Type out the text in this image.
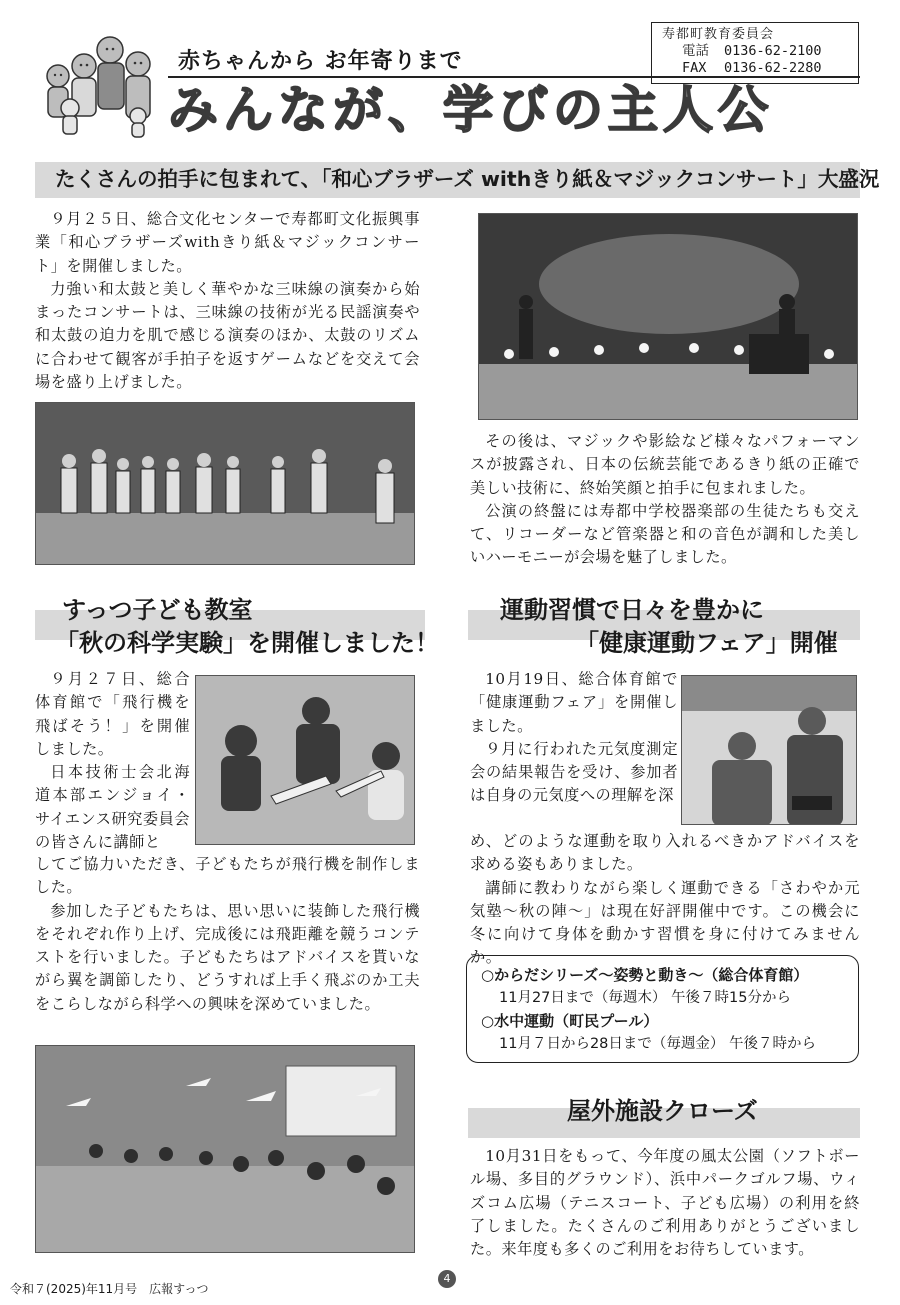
赤ちゃんから お年寄りまで
みんなが、学びの主人公
寿都町教育委員会
電話	0136-62-2100
FAX	0136-62-2280
たくさんの拍手に包まれて、「和心ブラザーズ withきり紙＆マジックコンサート」大盛況

９月２５日、総合文化センターで寿都町文化振興事業「和心ブラザーズwithきり紙＆マジックコンサート」を開催しました。

力強い和太鼓と美しく華やかな三味線の演奏から始まったコンサートは、三味線の技術が光る民謡演奏や和太鼓の迫力を肌で感じる演奏のほか、太鼓のリズムに合わせて観客が手拍子を返すゲームなどを交えて会場を盛り上げました。

その後は、マジックや影絵など様々なパフォーマンスが披露され、日本の伝統芸能であるきり紙の正確で美しい技術に、終始笑顔と拍手に包まれました。

公演の終盤には寿都中学校器楽部の生徒たちも交えて、リコーダーなど管楽器と和の音色が調和した美しいハーモニーが会場を魅了しました。

すっつ子ども教室
「秋の科学実験」を開催しました！

９月２７日、総合体育館で「飛行機を飛ばそう！」を開催しました。

日本技術士会北海道本部エンジョイ・サイエンス研究委員会の皆さんに講師と

してご協力いただき、子どもたちが飛行機を制作しました。

参加した子どもたちは、思い思いに装飾した飛行機をそれぞれ作り上げ、完成後には飛距離を競うコンテストを行いました。子どもたちはアドバイスを貰いながら翼を調節したり、どうすれば上手く飛ぶのか工夫をこらしながら科学への興味を深めていました。

運動習慣で日々を豊かに
「健康運動フェア」開催

10月19日、総合体育館で「健康運動フェア」を開催しました。

９月に行われた元気度測定会の結果報告を受け、参加者は自身の元気度への理解を深

め、どのような運動を取り入れるべきかアドバイスを求める姿もありました。

講師に教わりながら楽しく運動できる「さわやか元気塾～秋の陣～」は現在好評開催中です。この機会に冬に向けて身体を動かす習慣を身に付けてみませんか。

○からだシリーズ～姿勢と動き～（総合体育館）
11月27日まで（毎週木） 午後７時15分から
○水中運動（町民プール）
11月７日から28日まで（毎週金） 午後７時から
屋外施設クローズ

10月31日をもって、今年度の風太公園（ソフトボール場、多目的グラウンド）、浜中パークゴルフ場、ウィズコム広場（テニスコート、子ども広場）の利用を終了しました。たくさんのご利用ありがとうございました。来年度も多くのご利用をお待ちしています。

4
令和７(2025)年11月号　広報すっつ
